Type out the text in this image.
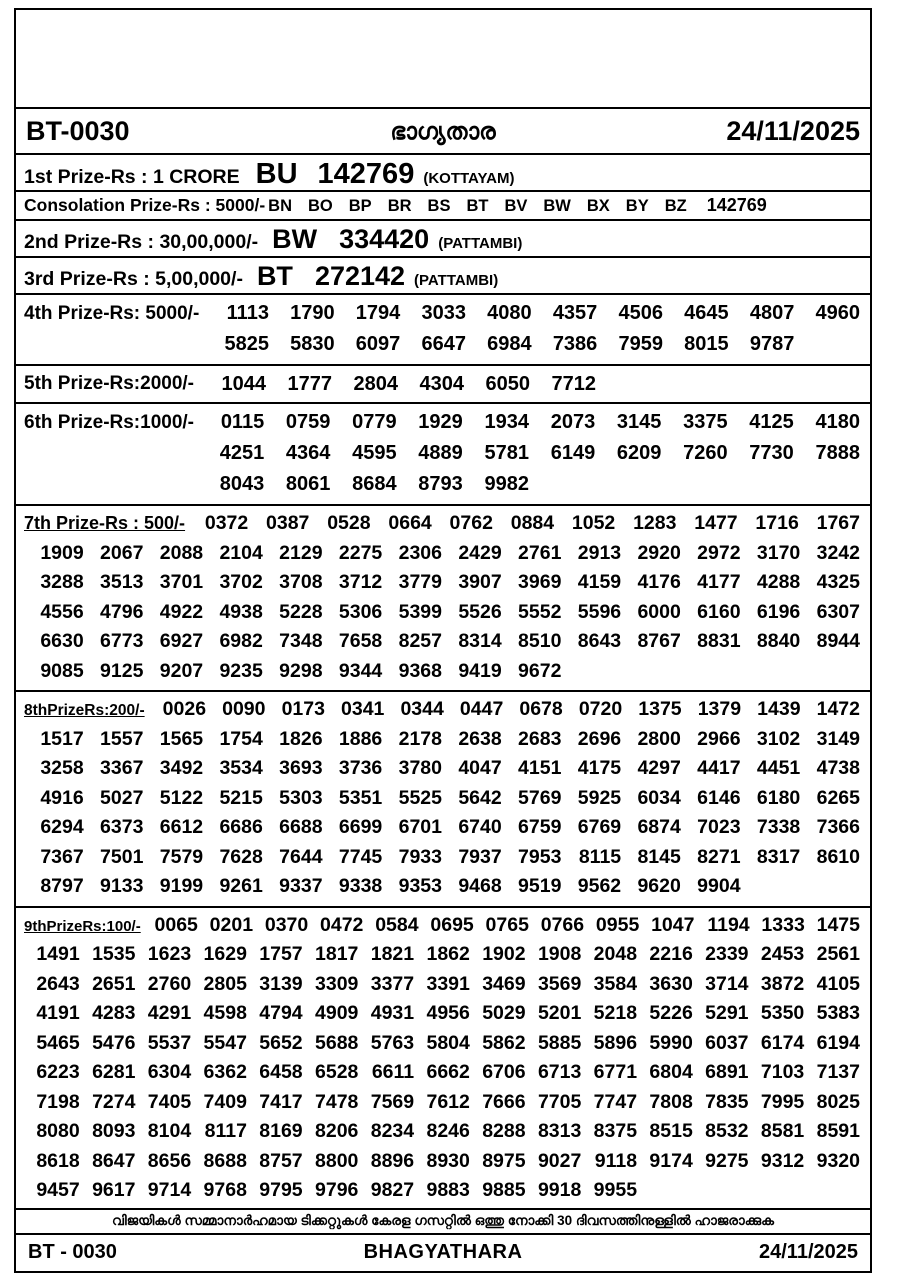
BT-0030	ഭാഗ്യതാര	24/11/2025
1st Prize-Rs : 1 CRORE BU 142769 (KOTTAYAM)
Consolation Prize-Rs : 5000/- BN BO BP BR BS BT BV BW BX BY BZ 142769
2nd Prize-Rs : 30,00,000/- BW 334420 (PATTAMBI)
3rd Prize-Rs : 5,00,000/- BT 272142 (PATTAMBI)
4th Prize-Rs: 5000/-	1113	1790	1794	3033	4080	4357	4506	4645	4807	4960
5825	5830	6097	6647	6984	7386	7959	8015	9787
5th Prize-Rs:2000/-	1044	1777	2804	4304	6050	7712
6th Prize-Rs:1000/-	0115	0759	0779	1929	1934	2073	3145	3375	4125	4180
4251	4364	4595	4889	5781	6149	6209	7260	7730	7888
8043	8061	8684	8793	9982
7th Prize-Rs : 500/-	0372 0387 0528 0664 0762 0884 1052 1283 1477 1716 1767
1909 2067 2088 2104 2129 2275 2306 2429 2761 2913 2920 2972 3170 3242
3288 3513 3701 3702 3708 3712 3779 3907 3969 4159 4176 4177 4288 4325
4556 4796 4922 4938 5228 5306 5399 5526 5552 5596 6000 6160 6196 6307
6630 6773 6927 6982 7348 7658 8257 8314 8510 8643 8767 8831 8840 8944
9085 9125 9207 9235 9298 9344 9368 9419 9672
8thPrizeRs:200/- 0026 0090 0173 0341 0344 0447 0678 0720 1375 1379 1439 1472
1517 1557 1565 1754 1826 1886 2178 2638 2683 2696 2800 2966 3102 3149
3258 3367 3492 3534 3693 3736 3780 4047 4151 4175 4297 4417 4451 4738
4916 5027 5122 5215 5303 5351 5525 5642 5769 5925 6034 6146 6180 6265
6294 6373 6612 6686 6688 6699 6701 6740 6759 6769 6874 7023 7338 7366
7367 7501 7579 7628 7644 7745 7933 7937 7953 8115 8145 8271 8317 8610
8797 9133 9199 9261 9337 9338 9353 9468 9519 9562 9620 9904
9thPrizeRs:100/- 0065 0201 0370 0472 0584 0695 0765 0766 0955 1047 1194 1333 1475
1491 1535 1623 1629 1757 1817 1821 1862 1902 1908 2048 2216 2339 2453 2561
2643 2651 2760 2805 3139 3309 3377 3391 3469 3569 3584 3630 3714 3872 4105
4191 4283 4291 4598 4794 4909 4931 4956 5029 5201 5218 5226 5291 5350 5383
5465 5476 5537 5547 5652 5688 5763 5804 5862 5885 5896 5990 6037 6174 6194
6223 6281 6304 6362 6458 6528 6611 6662 6706 6713 6771 6804 6891 7103 7137
7198 7274 7405 7409 7417 7478 7569 7612 7666 7705 7747 7808 7835 7995 8025
8080 8093 8104 8117 8169 8206 8234 8246 8288 8313 8375 8515 8532 8581 8591
8618 8647 8656 8688 8757 8800 8896 8930 8975 9027 9118 9174 9275 9312 9320
9457 9617 9714 9768 9795 9796 9827 9883 9885 9918 9955
വിജയികൾ സമ്മാനാർഹമായ ടിക്കറ്റുകൾ കേരള ഗസറ്റിൽ ഒത്തു നോക്കി 30 ദിവസത്തിനുള്ളിൽ ഹാജരാക്കുക
BT - 0030	BHAGYATHARA	24/11/2025
